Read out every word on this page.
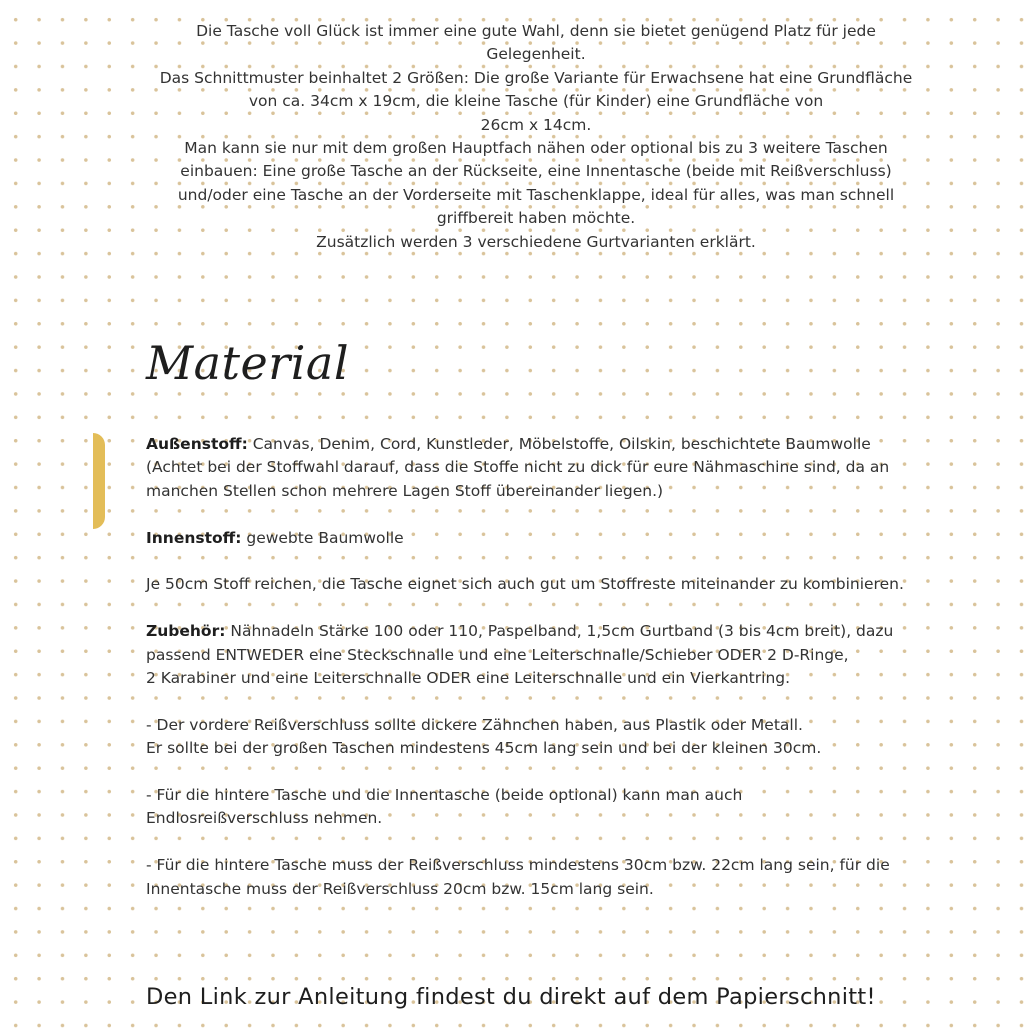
Die Tasche voll Glück ist immer eine gute Wahl, denn sie bietet genügend Platz für jede Gelegenheit.

Das Schnittmuster beinhaltet 2 Größen: Die große Variante für Erwachsene hat eine Grundfläche von ca. 34cm x 19cm, die kleine Tasche (für Kinder) eine Grundfläche von

26cm x 14cm.

Man kann sie nur mit dem großen Hauptfach nähen oder optional bis zu 3 weitere Taschen einbauen: Eine große Tasche an der Rückseite, eine Innentasche (beide mit Reißverschluss) und/oder eine Tasche an der Vorderseite mit Taschenklappe, ideal für alles, was man schnell griffbereit haben möchte.

Zusätzlich werden 3 verschiedene Gurtvarianten erklärt.

Material

Außenstoff: Canvas, Denim, Cord, Kunstleder, Möbelstoffe, Oilskin, beschichtete Baumwolle (Achtet bei der Stoffwahl darauf, dass die Stoffe nicht zu dick für eure Nähmaschine sind, da an manchen Stellen schon mehrere Lagen Stoff übereinander liegen.)

Innenstoff: gewebte Baumwolle

Je 50cm Stoff reichen, die Tasche eignet sich auch gut um Stoffreste miteinander zu kombinieren.

Zubehör: Nähnadeln Stärke 100 oder 110, Paspelband, 1,5cm Gurtband (3 bis 4cm breit), dazu passend ENTWEDER eine Steckschnalle und eine Leiterschnalle/Schieber ODER 2 D-Ringe,
2 Karabiner und eine Leiterschnalle ODER eine Leiterschnalle und ein Vierkantring.

- Der vordere Reißverschluss sollte dickere Zähnchen haben, aus Plastik oder Metall.
Er sollte bei der großen Taschen mindestens 45cm lang sein und bei der kleinen 30cm.

- Für die hintere Tasche und die Innentasche (beide optional) kann man auch Endlosreißverschluss nehmen.

- Für die hintere Tasche muss der Reißverschluss mindestens 30cm bzw. 22cm lang sein, für die Innentasche muss der Reißverschluss 20cm bzw. 15cm lang sein.

Den Link zur Anleitung findest du direkt auf dem Papierschnitt!
